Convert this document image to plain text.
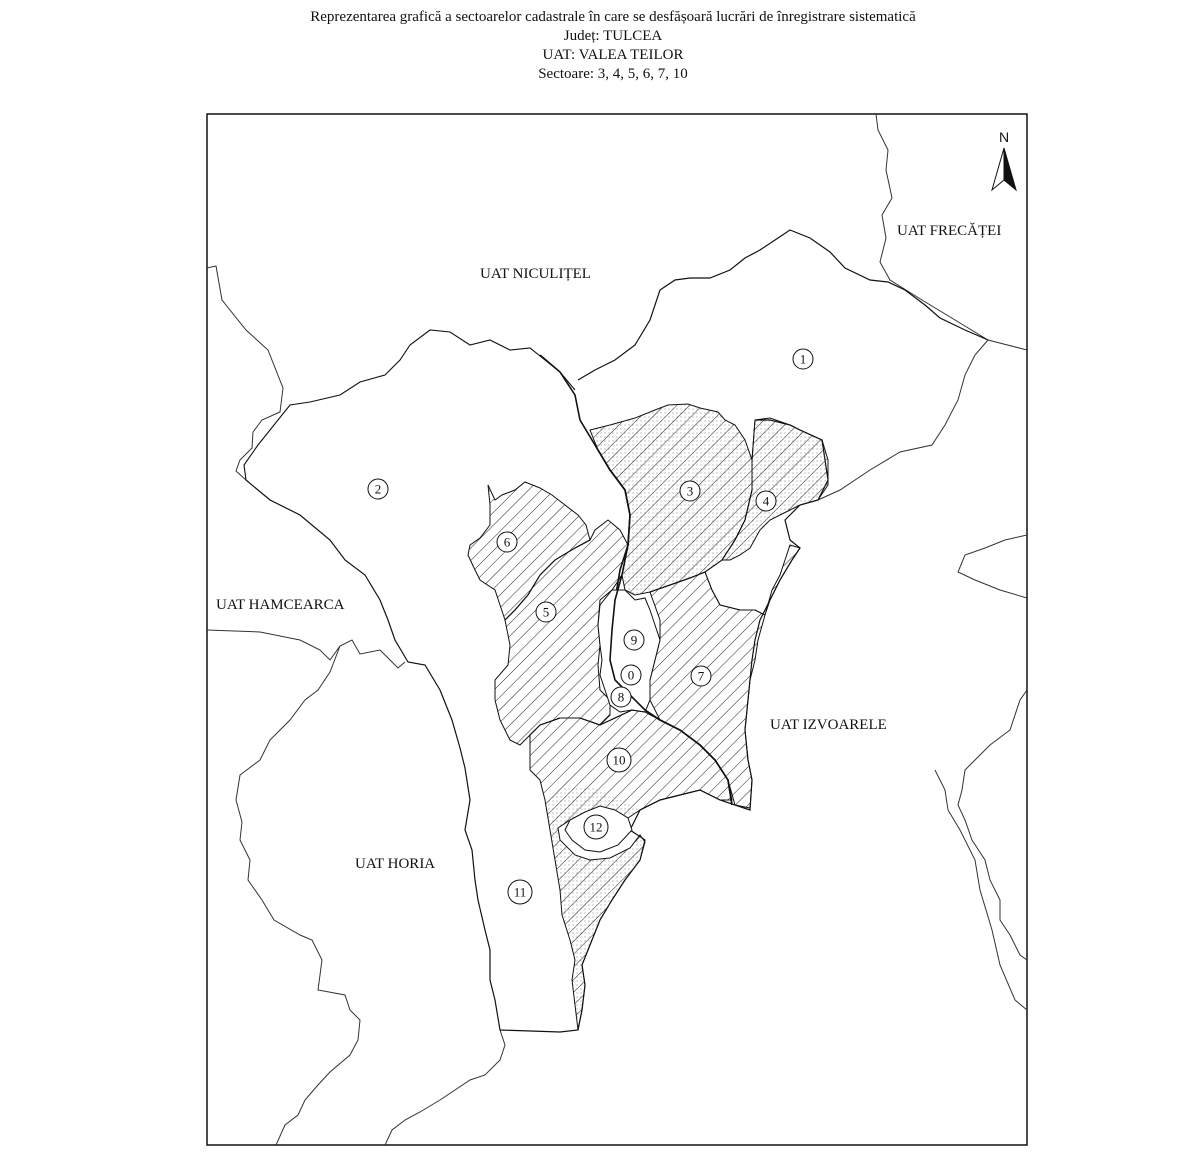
Reprezentarea grafică a sectoarelor cadastrale în care se desfășoară lucrări de înregistrare sistematică
Județ: TULCEA
UAT: VALEA TEILOR
Sectoare: 3, 4, 5, 6, 7, 10
N
UAT NICULIȚEL
UAT FRECĂȚEI
UAT HAMCEARCA
UAT IZVOARELE
UAT HORIA
1
2	3
4
6
5
9
0	7
8
10
12
11
